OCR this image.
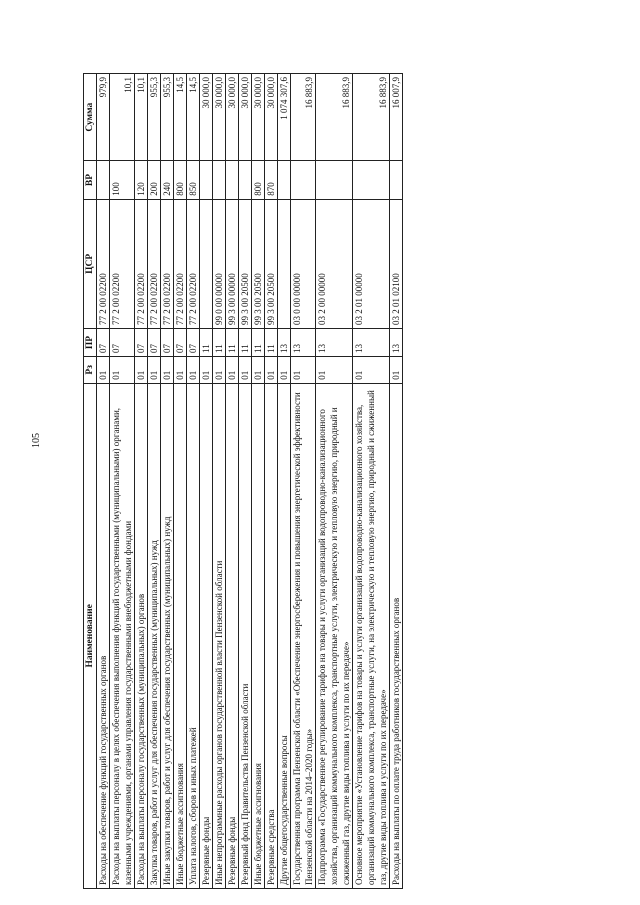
105
Наименование	Рз	ПР	ЦСР	ВР	Сумма
Расходы на обеспечение функций государственных органов	01	07	77 2 00 02200		979,9
Расходы на выплаты персоналу в целях обеспечения выполнения функций государственными (муниципальными) органами, казенными учреждениями, органами управления государственными внебюджетными фондами	01	07	77 2 00 02200	100	10,1
Расходы на выплаты персоналу государственных (муниципальных) органов	01	07	77 2 00 02200	120	10,1
Закупка товаров, работ и услуг для обеспечения государственных (муниципальных) нужд	01	07	77 2 00 02200	200	955,3
Иные закупки товаров, работ и услуг для обеспечения государственных (муниципальных) нужд	01	07	77 2 00 02200	240	955,3
Иные бюджетные ассигнования	01	07	77 2 00 02200	800	14,5
Уплата налогов, сборов и иных платежей	01	07	77 2 00 02200	850	14,5
Резервные фонды	01	11			30 000,0
Иные непрограммные расходы органов государственной власти Пензенской области	01	11	99 0 00 00000		30 000,0
Резервные фонды	01	11	99 3 00 00000		30 000,0
Резервный фонд Правительства Пензенской области	01	11	99 3 00 20500		30 000,0
Иные бюджетные ассигнования	01	11	99 3 00 20500	800	30 000,0
Резервные средства	01	11	99 3 00 20500	870	30 000,0
Другие общегосударственные вопросы	01	13			1 074 307,6
Государственная программа Пензенской области «Обеспечение энергосбережения и повышения энергетической эффективности Пензенской области на 2014–2020 годы»	01	13	03 0 00 00000		16 883,9
Подпрограмма «Государственное регулирование тарифов на товары и услуги организаций водопроводно-канализационного хозяйства, организаций коммунального комплекса, транспортные услуги, электрическую и тепловую энергию, природный и сжиженный газ, другие виды топлива и услуги по их передаче»	01	13	03 2 00 00000		16 883,9
Основное мероприятие «Установление тарифов на товары и услуги организаций водопроводно-канализационного хозяйства, организаций коммунального комплекса, транспортные услуги, на электрическую и тепловую энергию, природный и сжиженный газ, другие виды топлива и услуги по их передаче»	01	13	03 2 01 00000		16 883,9
Расходы на выплаты по оплате труда работников государственных органов	01	13	03 2 01 02100		16 007,9
